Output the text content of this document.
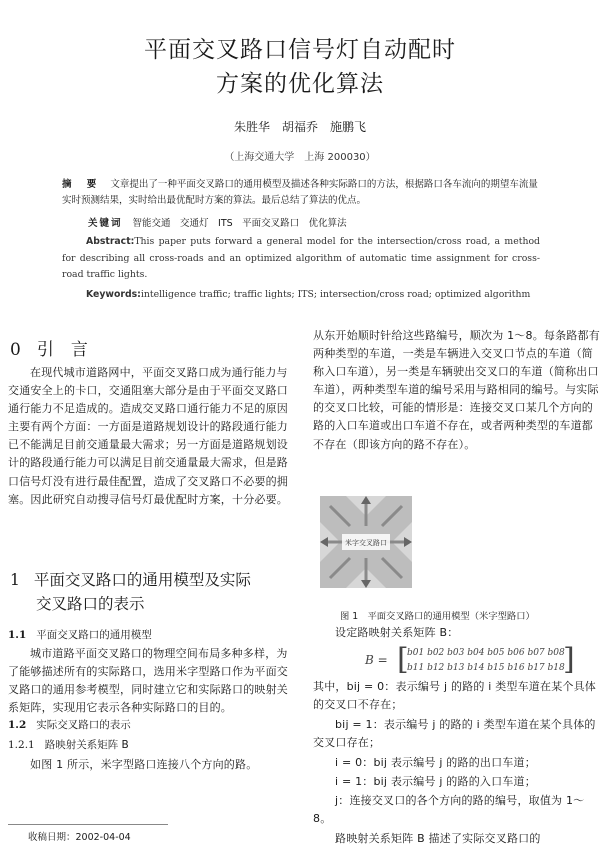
平面交叉路口信号灯自动配时
方案的优化算法
朱胜华　胡福乔　施鹏飞
（上海交通大学　上海 200030）
摘 要 文章提出了一种平面交叉路口的通用模型及描述各种实际路口的方法，根据路口各车流向的期望车流量实时预测结果，实时给出最优配时方案的算法。最后总结了算法的优点。
关键词 智能交通　交通灯　ITS　平面交叉路口　优化算法
Abstract:This paper puts forward a general model for the intersection/cross road, a method for describing all cross-roads and an optimized algorithm of automatic time assignment for cross-road traffic lights.
Keywords:intelligence traffic; traffic lights; ITS; intersection/cross road; optimized algorithm
0 引　言
在现代城市道路网中，平面交叉路口成为通行能力与交通安全上的卡口，交通阻塞大部分是由于平面交叉路口通行能力不足造成的。造成交叉路口通行能力不足的原因主要有两个方面：一方面是道路规划设计的路段通行能力已不能满足目前交通量最大需求；另一方面是道路规划设计的路段通行能力可以满足目前交通量最大需求，但是路口信号灯没有进行最佳配置，造成了交叉路口不必要的拥塞。因此研究自动搜寻信号灯最优配时方案，十分必要。
1 平面交叉路口的通用模型及实际
交叉路口的表示
1.1 平面交叉路口的通用模型
城市道路平面交叉路口的物理空间布局多种多样，为了能够描述所有的实际路口，选用米字型路口作为平面交叉路口的通用参考模型，同时建立它和实际路口的映射关系矩阵，实现用它表示各种实际路口的目的。
1.2 实际交叉路口的表示
1.2.1 路映射关系矩阵 B
如图 1 所示，米字型路口连接八个方向的路。
从东开始顺时针给这些路编号，顺次为 1～8。每条路都有两种类型的车道，一类是车辆进入交叉口节点的车道（简称入口车道），另一类是车辆驶出交叉口的车道（简称出口车道），两种类型车道的编号采用与路相同的编号。与实际的交叉口比较，可能的情形是：连接交叉口某几个方向的路的入口车道或出口车道不存在，或者两种类型的车道都不存在（即该方向的路不存在）。
米字交叉路口
图 1　平面交叉路口的通用模型（米字型路口）
设定路映射关系矩阵 B：
B = [
b01 b02 b03 b04 b05 b06 b07 b08
b11 b12 b13 b14 b15 b16 b17 b18
]
其中，bij = 0：表示编号 j 的路的 i 类型车道在某个具体的交叉口不存在；
bij = 1：表示编号 j 的路的 i 类型车道在某个具体的交叉口存在；
i = 0：bij 表示编号 j 的路的出口车道；
i = 1：bij 表示编号 j 的路的入口车道；
j：连接交叉口的各个方向的路的编号，取值为 1～8。
路映射关系矩阵 B 描述了实际交叉路口的
收稿日期：2002-04-04
